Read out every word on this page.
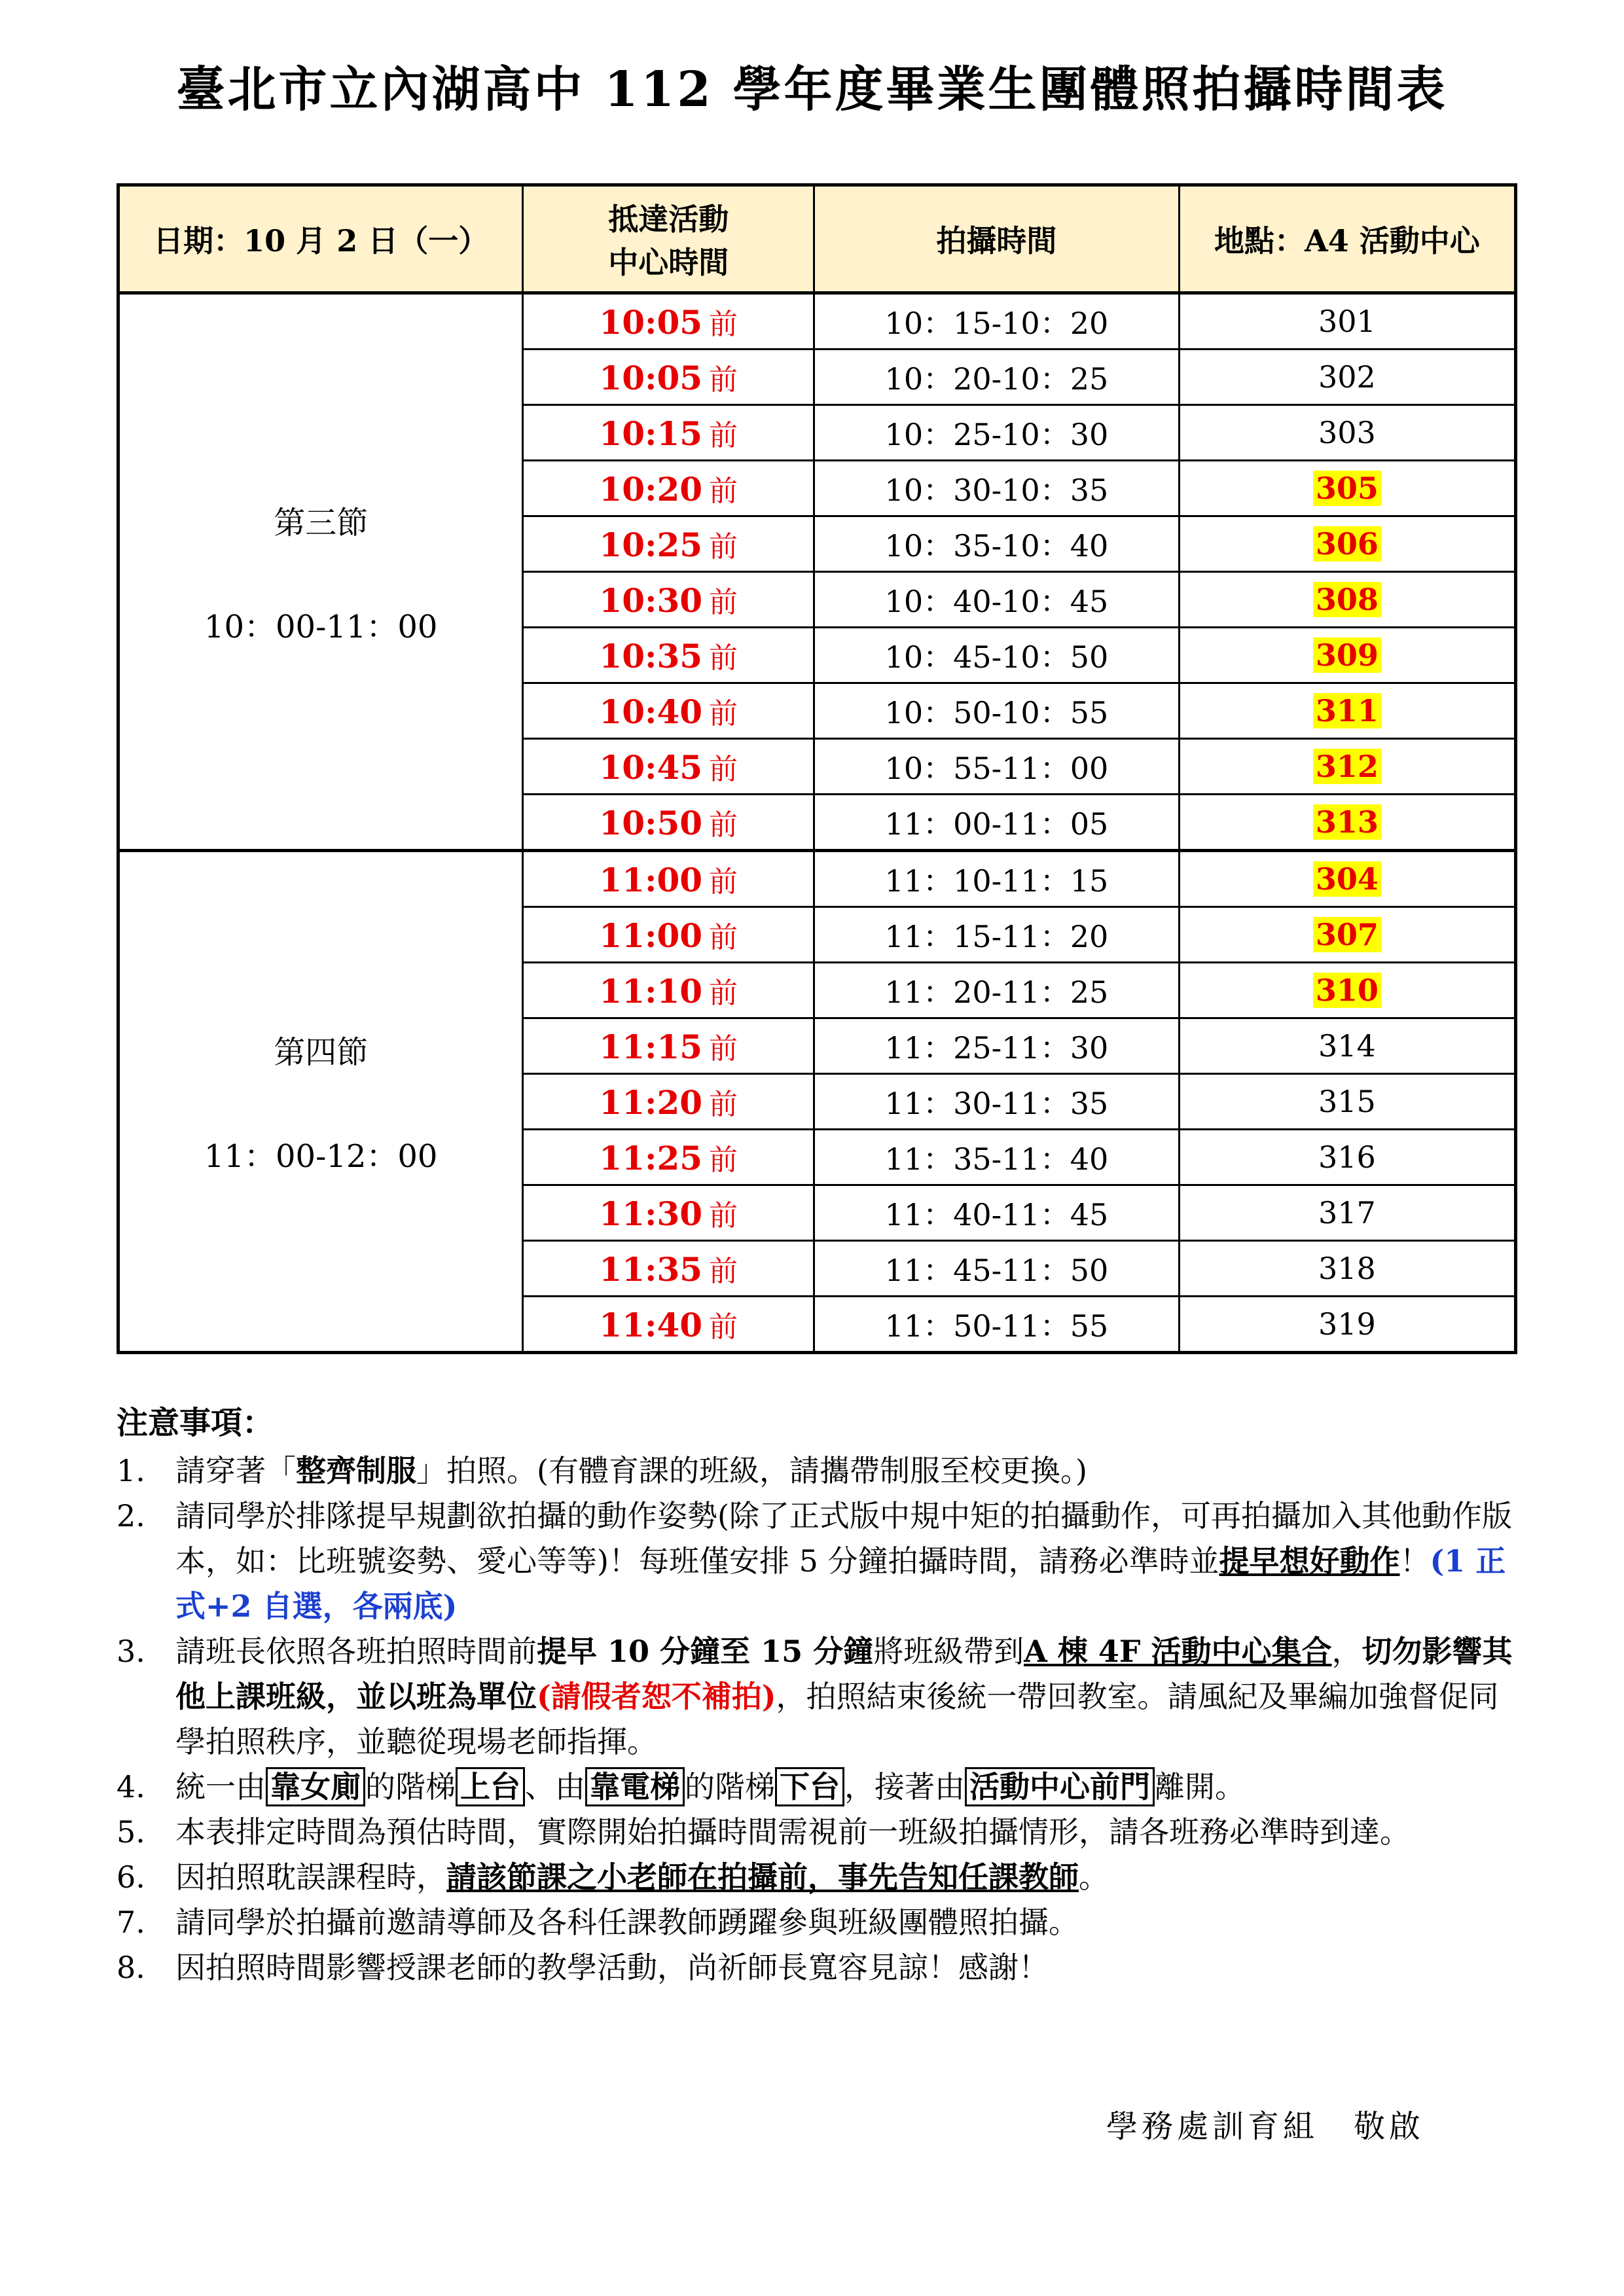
臺北市立內湖高中 112 學年度畢業生團體照拍攝時間表
日期：10 月 2 日（一）	抵達活動
中心時間	拍攝時間	地點：A4 活動中心

第三節
10：00-11：00	10:05 前	10：15-10：20	301
	10:05 前	10：20-10：25	302
	10:15 前	10：25-10：30	303
	10:20 前	10：30-10：35	305
	10:25 前	10：35-10：40	306
	10:30 前	10：40-10：45	308
	10:35 前	10：45-10：50	309
	10:40 前	10：50-10：55	311
	10:45 前	10：55-11：00	312
	10:50 前	11：00-11：05	313

第四節
11：00-12：00	11:00 前	11：10-11：15	304
	11:00 前	11：15-11：20	307
	11:10 前	11：20-11：25	310
	11:15 前	11：25-11：30	314
	11:20 前	11：30-11：35	315
	11:25 前	11：35-11：40	316
	11:30 前	11：40-11：45	317
	11:35 前	11：45-11：50	318
	11:40 前	11：50-11：55	319
注意事項：
1.	請穿著「整齊制服」拍照。(有體育課的班級，請攜帶制服至校更換。)
2.	請同學於排隊提早規劃欲拍攝的動作姿勢(除了正式版中規中矩的拍攝動作，可再拍攝加入其他動作版本，如：比班號姿勢、愛心等等)！每班僅安排 5 分鐘拍攝時間，請務必準時並提早想好動作！(1 正式+2 自選，各兩底)
3.	請班長依照各班拍照時間前提早 10 分鐘至 15 分鐘將班級帶到A 棟 4F 活動中心集合，切勿影響其他上課班級，並以班為單位(請假者恕不補拍)，拍照結束後統一帶回教室。請風紀及畢編加強督促同學拍照秩序，並聽從現場老師指揮。
4.	統一由 靠女廁 的階梯 上台 、由 靠電梯 的階梯 下台 ，接著由 活動中心前門 離開。
5.	本表排定時間為預估時間，實際開始拍攝時間需視前一班級拍攝情形，請各班務必準時到達。
6.	因拍照耽誤課程時，請該節課之小老師在拍攝前，事先告知任課教師。
7.	請同學於拍攝前邀請導師及各科任課教師踴躍參與班級團體照拍攝。
8.	因拍照時間影響授課老師的教學活動，尚祈師長寬容見諒！感謝！
學務處訓育組　敬啟
